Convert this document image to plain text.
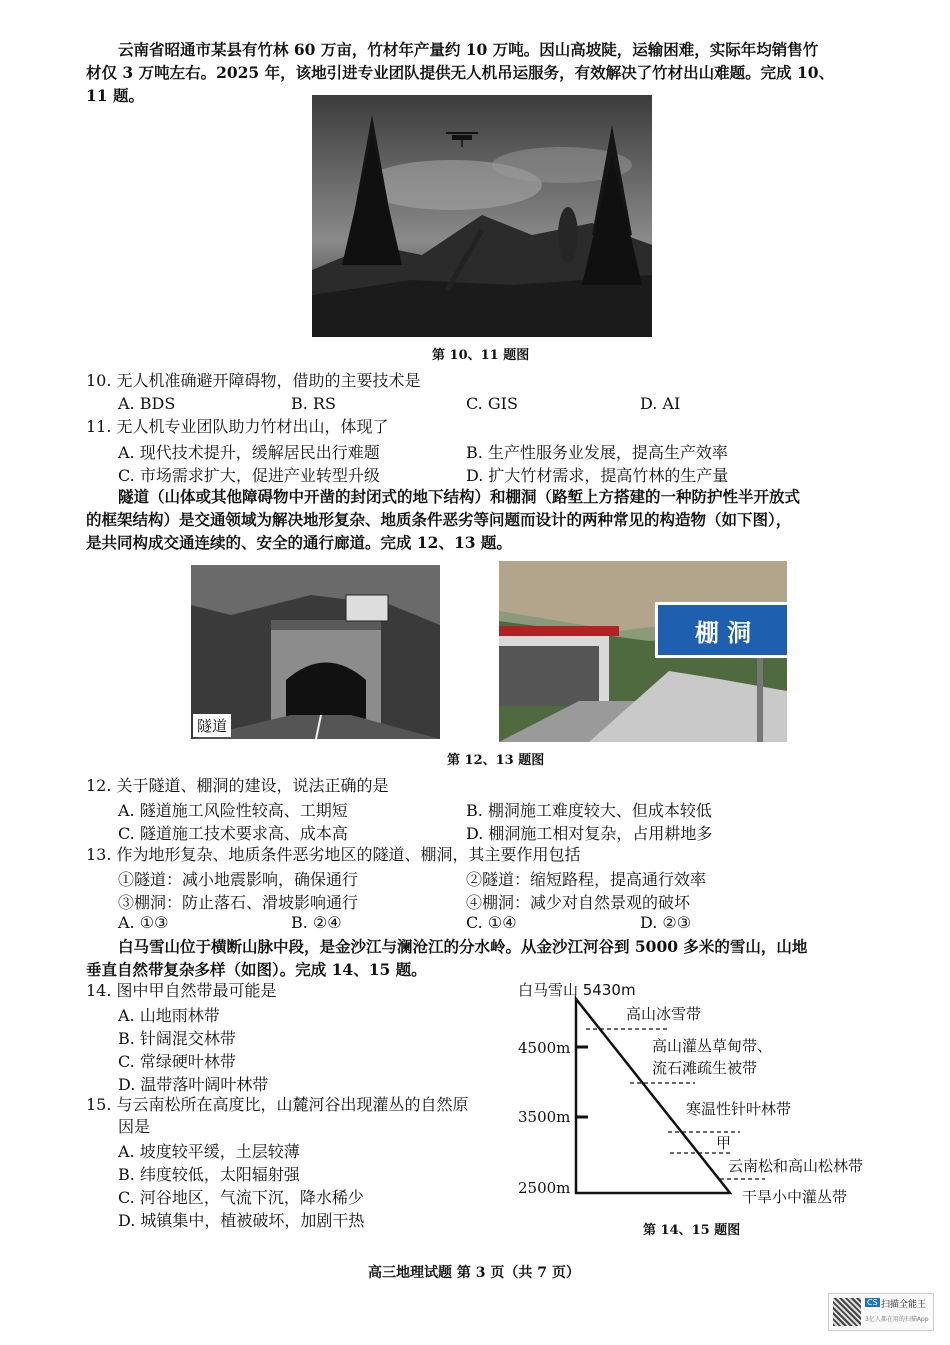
云南省昭通市某县有竹林 60 万亩，竹材年产量约 10 万吨。因山高坡陡，运输困难，实际年均销售竹
材仅 3 万吨左右。2025 年，该地引进专业团队提供无人机吊运服务，有效解决了竹材出山难题。完成 10、
11 题。
第 10、11 题图
10. 无人机准确避开障碍物，借助的主要技术是
A. BDS	B. RS	C. GIS	D. AI
11. 无人机专业团队助力竹材出山，体现了
A. 现代技术提升，缓解居民出行难题	B. 生产性服务业发展，提高生产效率
C. 市场需求扩大，促进产业转型升级	D. 扩大竹材需求，提高竹林的生产量
隧道（山体或其他障碍物中开凿的封闭式的地下结构）和棚洞（路堑上方搭建的一种防护性半开放式
的框架结构）是交通领域为解决地形复杂、地质条件恶劣等问题而设计的两种常见的构造物（如下图），
是共同构成交通连续的、安全的通行廊道。完成 12、13 题。
隧道
棚 洞
第 12、13 题图
12. 关于隧道、棚洞的建设，说法正确的是
A. 隧道施工风险性较高、工期短	B. 棚洞施工难度较大、但成本较低
C. 隧道施工技术要求高、成本高	D. 棚洞施工相对复杂，占用耕地多
13. 作为地形复杂、地质条件恶劣地区的隧道、棚洞，其主要作用包括
①隧道：减小地震影响，确保通行	②隧道：缩短路程，提高通行效率
③棚洞：防止落石、滑坡影响通行	④棚洞：减少对自然景观的破坏
A. ①③	B. ②④	C. ①④	D. ②③
白马雪山位于横断山脉中段，是金沙江与澜沧江的分水岭。从金沙江河谷到 5000 多米的雪山，山地
垂直自然带复杂多样（如图）。完成 14、15 题。
14. 图中甲自然带最可能是
A. 山地雨林带
B. 针阔混交林带
C. 常绿硬叶林带
D. 温带落叶阔叶林带
15. 与云南松所在高度比，山麓河谷出现灌丛的自然原
因是
A. 坡度较平缓，土层较薄
B. 纬度较低，太阳辐射强
C. 河谷地区，气流下沉，降水稀少
D. 城镇集中，植被破坏，加剧干热
白马雪山 5430m
4500m
3500m
2500m
高山冰雪带
高山灌丛草甸带、
流石滩疏生被带
寒温性针叶林带
甲
云南松和高山松林带
干旱小中灌丛带
第 14、15 题图
高三地理试题 第 3 页（共 7 页）
CS 扫描全能王
3亿人都在用的扫描App
